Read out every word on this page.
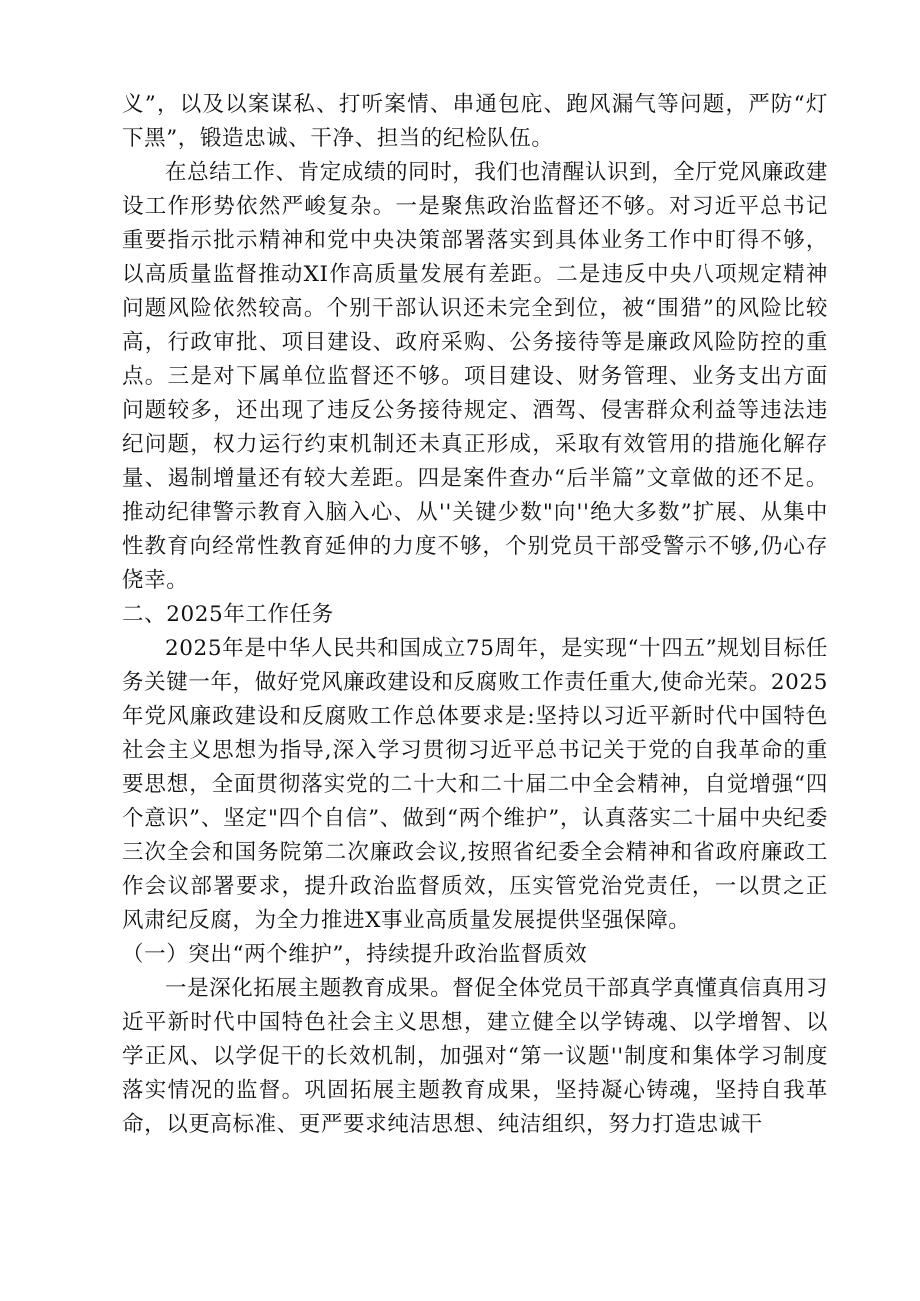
义”，以及以案谋私、打听案情、串通包庇、跑风漏气等问题，严防“灯下黑”，锻造忠诚、干净、担当的纪检队伍。

在总结工作、肯定成绩的同时，我们也清醒认识到，全厅党风廉政建设工作形势依然严峻复杂。一是聚焦政治监督还不够。对习近平总书记重要指示批示精神和党中央决策部署落实到具体业务工作中盯得不够，以高质量监督推动XI作高质量发展有差距。二是违反中央八项规定精神问题风险依然较高。个别干部认识还未完全到位，被“围猎”的风险比较高，行政审批、项目建设、政府采购、公务接待等是廉政风险防控的重点。三是对下属单位监督还不够。项目建设、财务管理、业务支出方面问题较多，还出现了违反公务接待规定、酒驾、侵害群众利益等违法违纪问题，权力运行约束机制还未真正形成，采取有效管用的措施化解存量、遏制增量还有较大差距。四是案件查办“后半篇”文章做的还不足。推动纪律警示教育入脑入心、从''关键少数"向''绝大多数”扩展、从集中性教育向经常性教育延伸的力度不够，个别党员干部受警示不够,仍心存侥幸。

二、2025年工作任务

2025年是中华人民共和国成立75周年，是实现“十四五”规划目标任务关键一年，做好党风廉政建设和反腐败工作责任重大,使命光荣。2025年党风廉政建设和反腐败工作总体要求是:坚持以习近平新时代中国特色社会主义思想为指导,深入学习贯彻习近平总书记关于党的自我革命的重要思想，全面贯彻落实党的二十大和二十届二中全会精神，自觉增强“四个意识”、坚定"四个自信”、做到“两个维护”，认真落实二十届中央纪委三次全会和国务院第二次廉政会议,按照省纪委全会精神和省政府廉政工作会议部署要求，提升政治监督质效，压实管党治党责任，一以贯之正风肃纪反腐，为全力推进X事业高质量发展提供坚强保障。

（一）突出“两个维护”，持续提升政治监督质效

一是深化拓展主题教育成果。督促全体党员干部真学真懂真信真用习近平新时代中国特色社会主义思想，建立健全以学铸魂、以学增智、以学正风、以学促干的长效机制，加强对“第一议题''制度和集体学习制度落实情况的监督。巩固拓展主题教育成果，坚持凝心铸魂，坚持自我革命，以更高标准、更严要求纯洁思想、纯洁组织，努力打造忠诚干
